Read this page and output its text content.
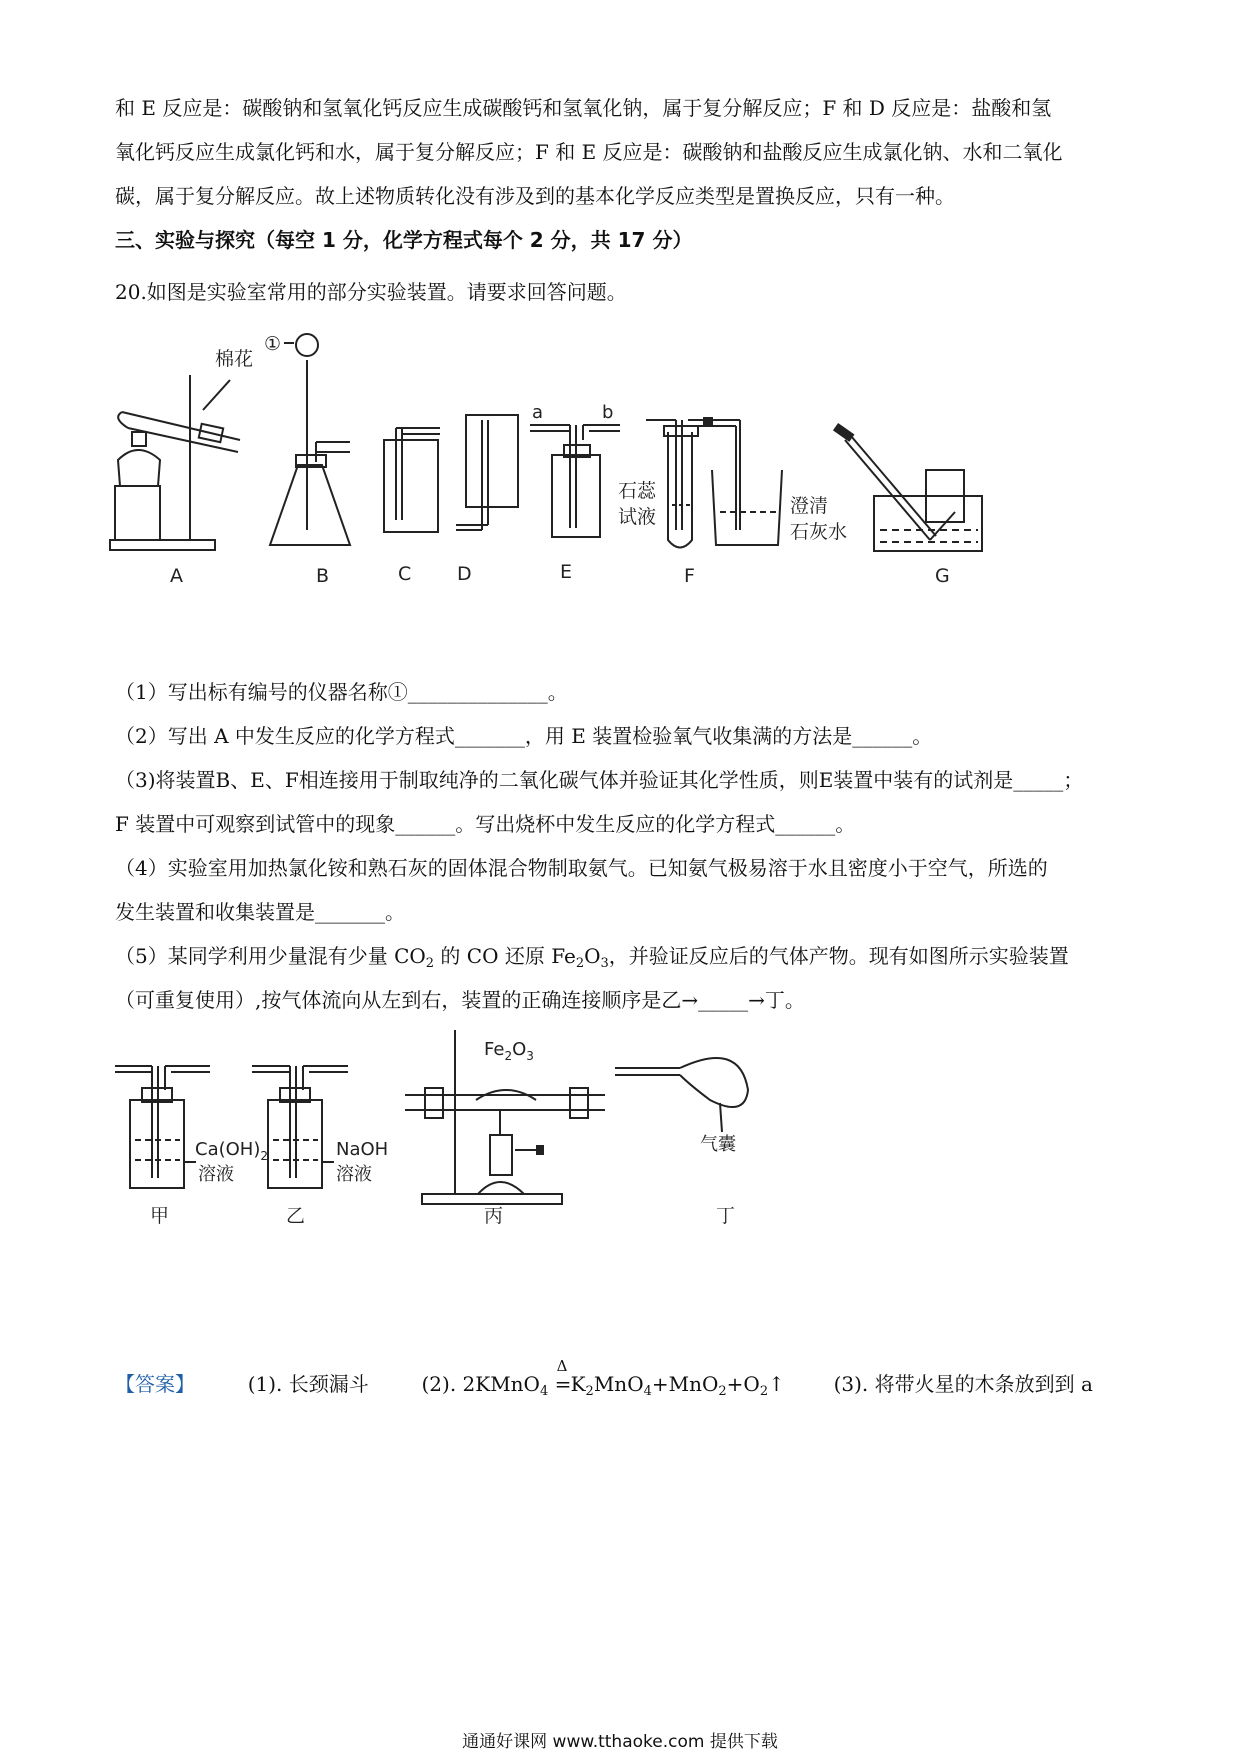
和 E 反应是：碳酸钠和氢氧化钙反应生成碳酸钙和氢氧化钠，属于复分解反应；F 和 D 反应是：盐酸和氢
氧化钙反应生成氯化钙和水，属于复分解反应；F 和 E 反应是：碳酸钠和盐酸反应生成氯化钠、水和二氧化
碳，属于复分解反应。故上述物质转化没有涉及到的基本化学反应类型是置换反应，只有一种。
三、实验与探究（每空 1 分，化学方程式每个 2 分，共 17 分）
20.如图是实验室常用的部分实验装置。请要求回答问题。
棉花
①
a	b
石蕊
试液	澄清
石灰水
A	B	C D	E	F	G
$Ca(OH)_2$
溶液
NaOH
溶液
$Fe_2O_3$
气囊
甲	乙	丙	丁
（1）写出标有编号的仪器名称①______________。
（2）写出 A 中发生反应的化学方程式_______，用 E 装置检验氧气收集满的方法是______。
（3)将装置B、E、F相连接用于制取纯净的二氧化碳气体并验证其化学性质，则E装置中装有的试剂是_____；
F 装置中可观察到试管中的现象______。写出烧杯中发生反应的化学方程式______。
（4）实验室用加热氯化铵和熟石灰的固体混合物制取氨气。已知氨气极易溶于水且密度小于空气，所选的
发生装置和收集装置是_______。
（5）某同学利用少量混有少量 $CO_2$ 的 CO 还原 $Fe_2O_3$，并验证反应后的气体产物。现有如图所示实验装置
（可重复使用）,按气体流向从左到右，装置的正确连接顺序是乙→_____→丁。
【答案】	(1). 长颈漏斗	(2). 2KMnO$_4$
Δ
$=K_2MnO_4+MnO_2+O_2↑$  (3). 将带火星的木条放到到 a
通通好课网 www.tthaoke.com 提供下载
